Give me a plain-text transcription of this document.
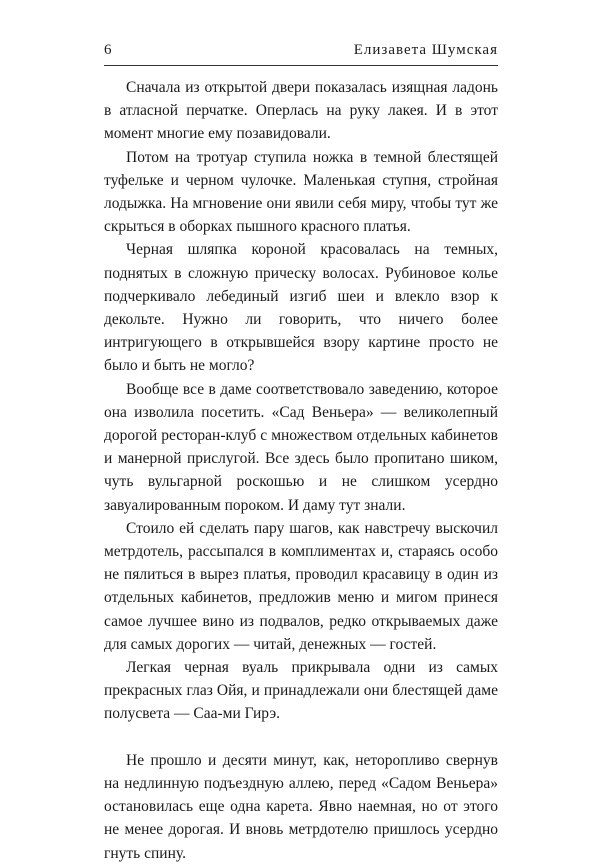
6	Елизавета Шумская

Сначала из открытой двери показалась изящная ладонь в атласной перчатке. Оперлась на руку лакея. И в этот момент многие ему позавидовали.

Потом на тротуар ступила ножка в темной блестящей туфельке и черном чулочке. Маленькая ступня, стройная лодыжка. На мгновение они явили себя миру, чтобы тут же скрыться в оборках пышного красного платья.

Черная шляпка короной красовалась на темных, поднятых в сложную прическу волосах. Рубиновое колье подчеркивало лебединый изгиб шеи и влекло взор к декольте. Нужно ли говорить, что ничего более интригующего в открывшейся взору картине просто не было и быть не могло?

Вообще все в даме соответствовало заведению, которое она изволила посетить. «Сад Веньера» — великолепный дорогой ресторан-клуб с множеством отдельных кабинетов и манерной прислугой. Все здесь было пропитано шиком, чуть вульгарной роскошью и не слишком усердно завуалированным пороком. И даму тут знали.

Стоило ей сделать пару шагов, как навстречу выскочил метрдотель, рассыпался в комплиментах и, стараясь особо не пялиться в вырез платья, проводил красавицу в один из отдельных кабинетов, предложив меню и мигом принеся самое лучшее вино из подвалов, редко открываемых даже для самых дорогих — читай, денежных — гостей.

Легкая черная вуаль прикрывала одни из самых прекрасных глаз Ойя, и принадлежали они блестящей даме полусвета — Саа-ми Гирэ.

Не прошло и десяти минут, как, неторопливо свернув на недлинную подъездную аллею, перед «Садом Веньера» остановилась еще одна карета. Явно наемная, но от этого не менее дорогая. И вновь метрдотелю пришлось усердно гнуть спину.
